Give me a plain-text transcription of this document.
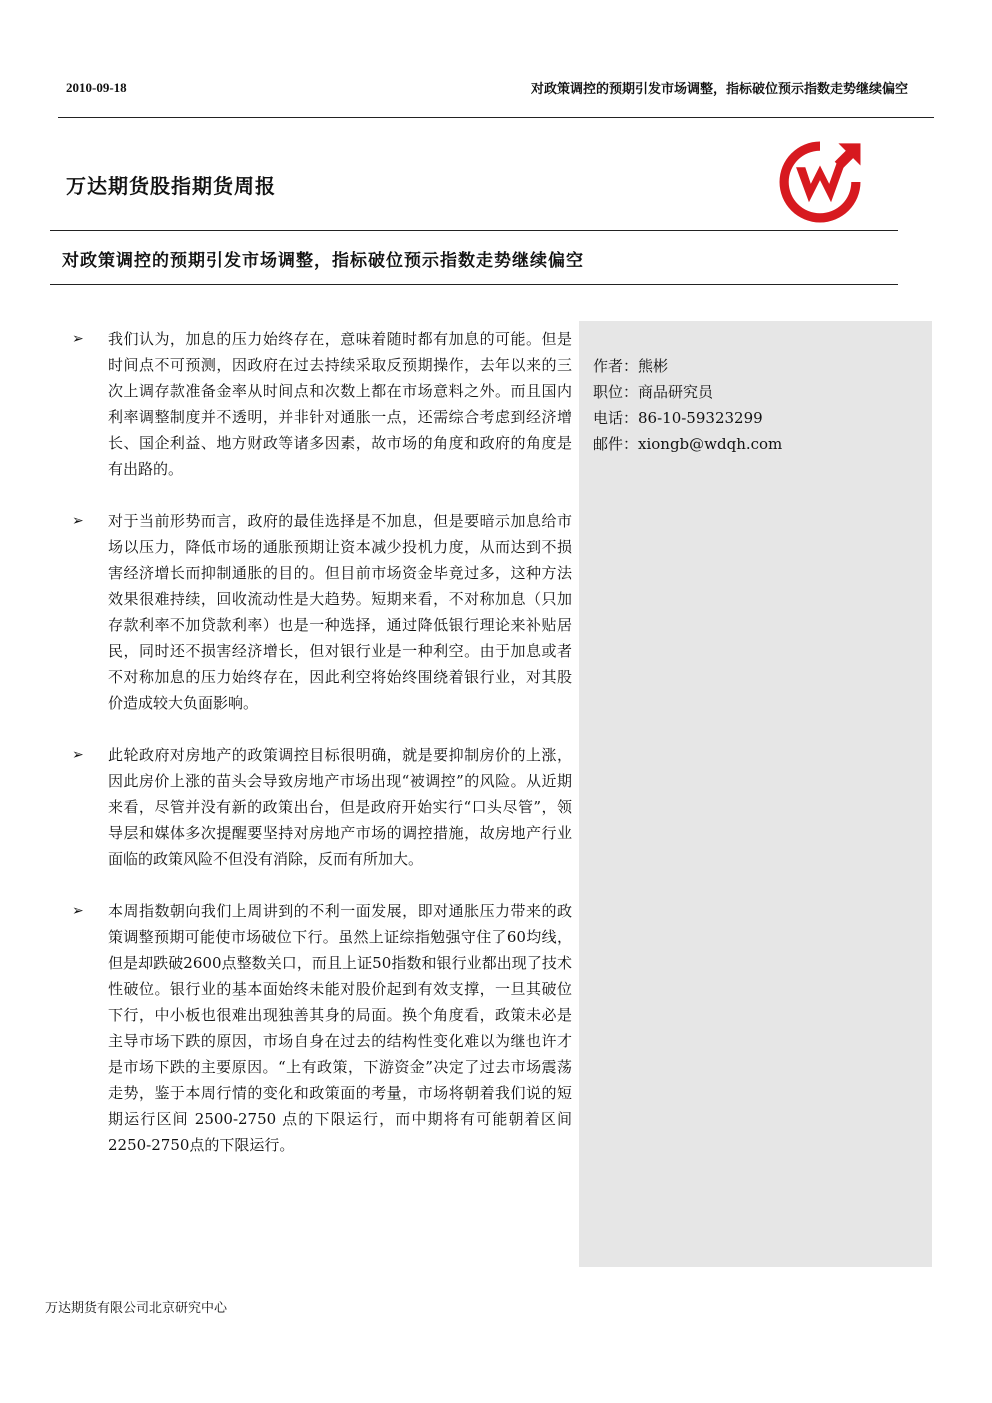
2010-09-18	对政策调控的预期引发市场调整，指标破位预示指数走势继续偏空
万达期货股指期货周报
对政策调控的预期引发市场调整，指标破位预示指数走势继续偏空
作者：熊彬
职位：商品研究员
电话：86-10-59323299
邮件：xiongb@wdqh.com
➢ 我们认为，加息的压力始终存在，意味着随时都有加息的可能。但是时间点不可预测，因政府在过去持续采取反预期操作，去年以来的三次上调存款准备金率从时间点和次数上都在市场意料之外。而且国内利率调整制度并不透明，并非针对通胀一点，还需综合考虑到经济增长、国企利益、地方财政等诸多因素，故市场的角度和政府的角度是有出路的。
➢ 对于当前形势而言，政府的最佳选择是不加息，但是要暗示加息给市场以压力，降低市场的通胀预期让资本减少投机力度，从而达到不损害经济增长而抑制通胀的目的。但目前市场资金毕竟过多，这种方法效果很难持续，回收流动性是大趋势。短期来看，不对称加息（只加存款利率不加贷款利率）也是一种选择，通过降低银行理论来补贴居民，同时还不损害经济增长，但对银行业是一种利空。由于加息或者不对称加息的压力始终存在，因此利空将始终围绕着银行业，对其股价造成较大负面影响。
➢ 此轮政府对房地产的政策调控目标很明确，就是要抑制房价的上涨，因此房价上涨的苗头会导致房地产市场出现“被调控”的风险。从近期来看，尽管并没有新的政策出台，但是政府开始实行“口头尽管”，领导层和媒体多次提醒要坚持对房地产市场的调控措施，故房地产行业面临的政策风险不但没有消除，反而有所加大。
➢ 本周指数朝向我们上周讲到的不利一面发展，即对通胀压力带来的政策调整预期可能使市场破位下行。虽然上证综指勉强守住了60均线，但是却跌破2600点整数关口，而且上证50指数和银行业都出现了技术性破位。银行业的基本面始终未能对股价起到有效支撑，一旦其破位下行，中小板也很难出现独善其身的局面。换个角度看，政策未必是主导市场下跌的原因，市场自身在过去的结构性变化难以为继也许才是市场下跌的主要原因。“上有政策，下游资金”决定了过去市场震荡走势，鉴于本周行情的变化和政策面的考量，市场将朝着我们说的短期运行区间 2500-2750 点的下限运行，而中期将有可能朝着区间2250-2750点的下限运行。
万达期货有限公司北京研究中心
